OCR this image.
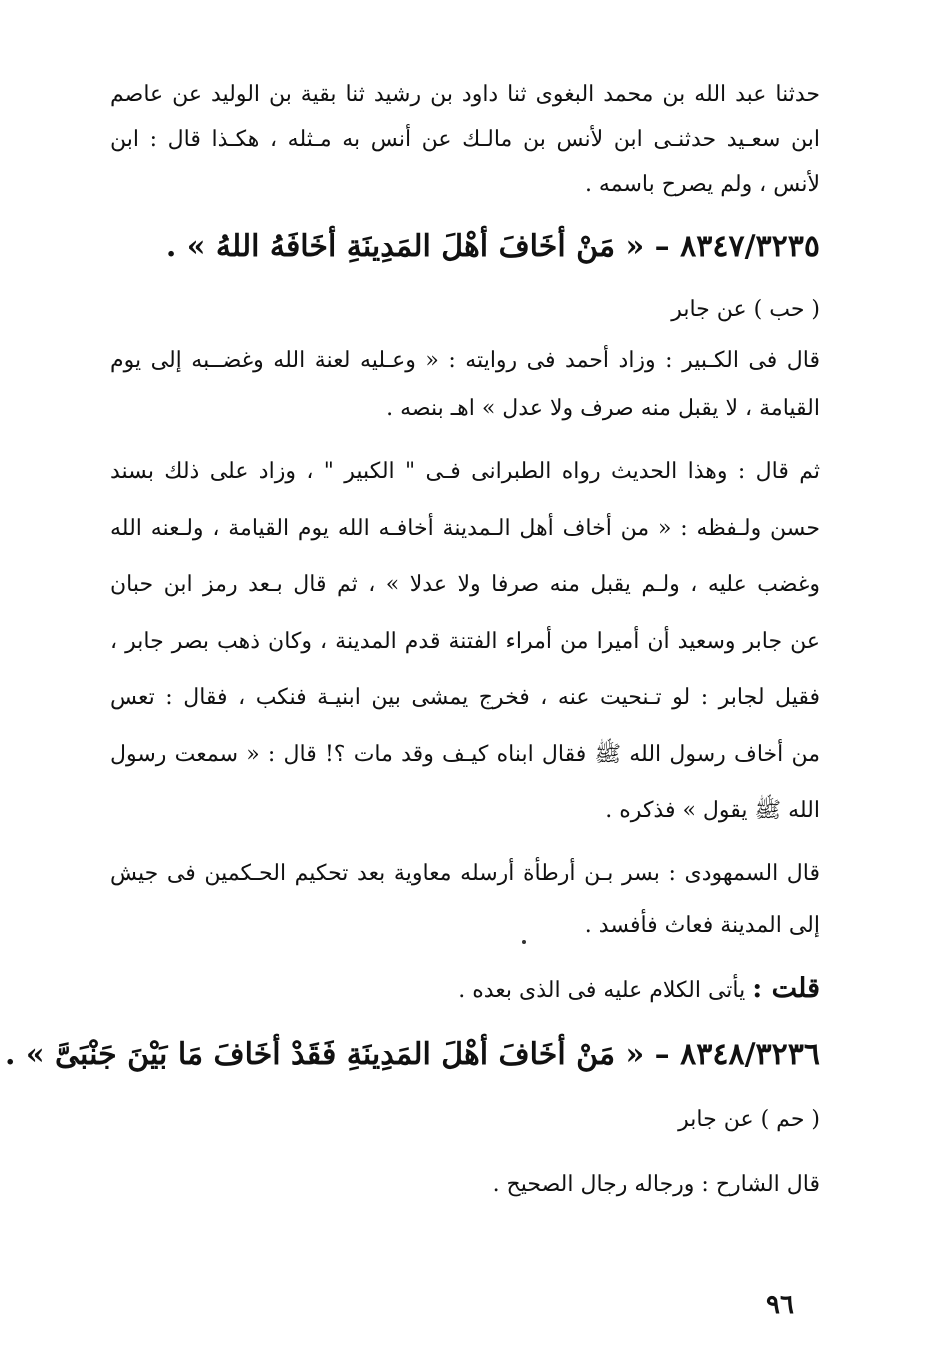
حدثنا عبد الله بن محمد البغوى ثنا داود بن رشيد ثنا بقية بن الوليد عن عاصم
ابن سعـيد حدثنـى ابن لأنس بن مالـك عن أنس به مـثله ، هكـذا قال : ابن
لأنس ، ولم يصرح باسمه .
٨٣٤٧/٣٢٣٥ – « مَنْ أخَافَ أهْلَ المَدِينَةِ أخَافَهُ اللهُ » .
( حب ) عن جابر
قال فى الكـبير : وزاد أحمد فى روايته : « وعـليه لعنة الله وغضــبه إلى يوم
القيامة ، لا يقبل منه صرف ولا عدل » اهـ بنصه .
ثم قال : وهذا الحديث رواه الطبرانى فـى " الكبير " ، وزاد على ذلك بسند
حسن ولـفظه : « من أخاف أهل الـمدينة أخافـه الله يوم القيامة ، ولـعنه الله
وغضب عليه ، ولـم يقبل منه صرفا ولا عدلا » ، ثم قال بـعد رمز ابن حبان
عن جابر وسعيد أن أميرا من أمراء الفتنة قدم المدينة ، وكان ذهب بصر جابر ،
فقيل لجابر : لو تـنحيت عنه ، فخرج يمشى بين ابنيـة فنكب ، فقال : تعس
من أخاف رسول الله ﷺ فقال ابناه كيـف وقد مات ؟! قال : « سمعت رسول
الله ﷺ يقول » فذكره .
قال السمهودى : بسر بـن أرطأة أرسله معاوية بعد تحكيم الحـكمين فى جيش
إلى المدينة فعاث فأفسد .
قلت : يأتى الكلام عليه فى الذى بعده .
٨٣٤٨/٣٢٣٦ – « مَنْ أخَافَ أهْلَ المَدِينَةِ فَقَدْ أخَافَ مَا بَيْنَ جَنْبَىَّ » .
( حم ) عن جابر
قال الشارح : ورجاله رجال الصحيح .
٩٦
